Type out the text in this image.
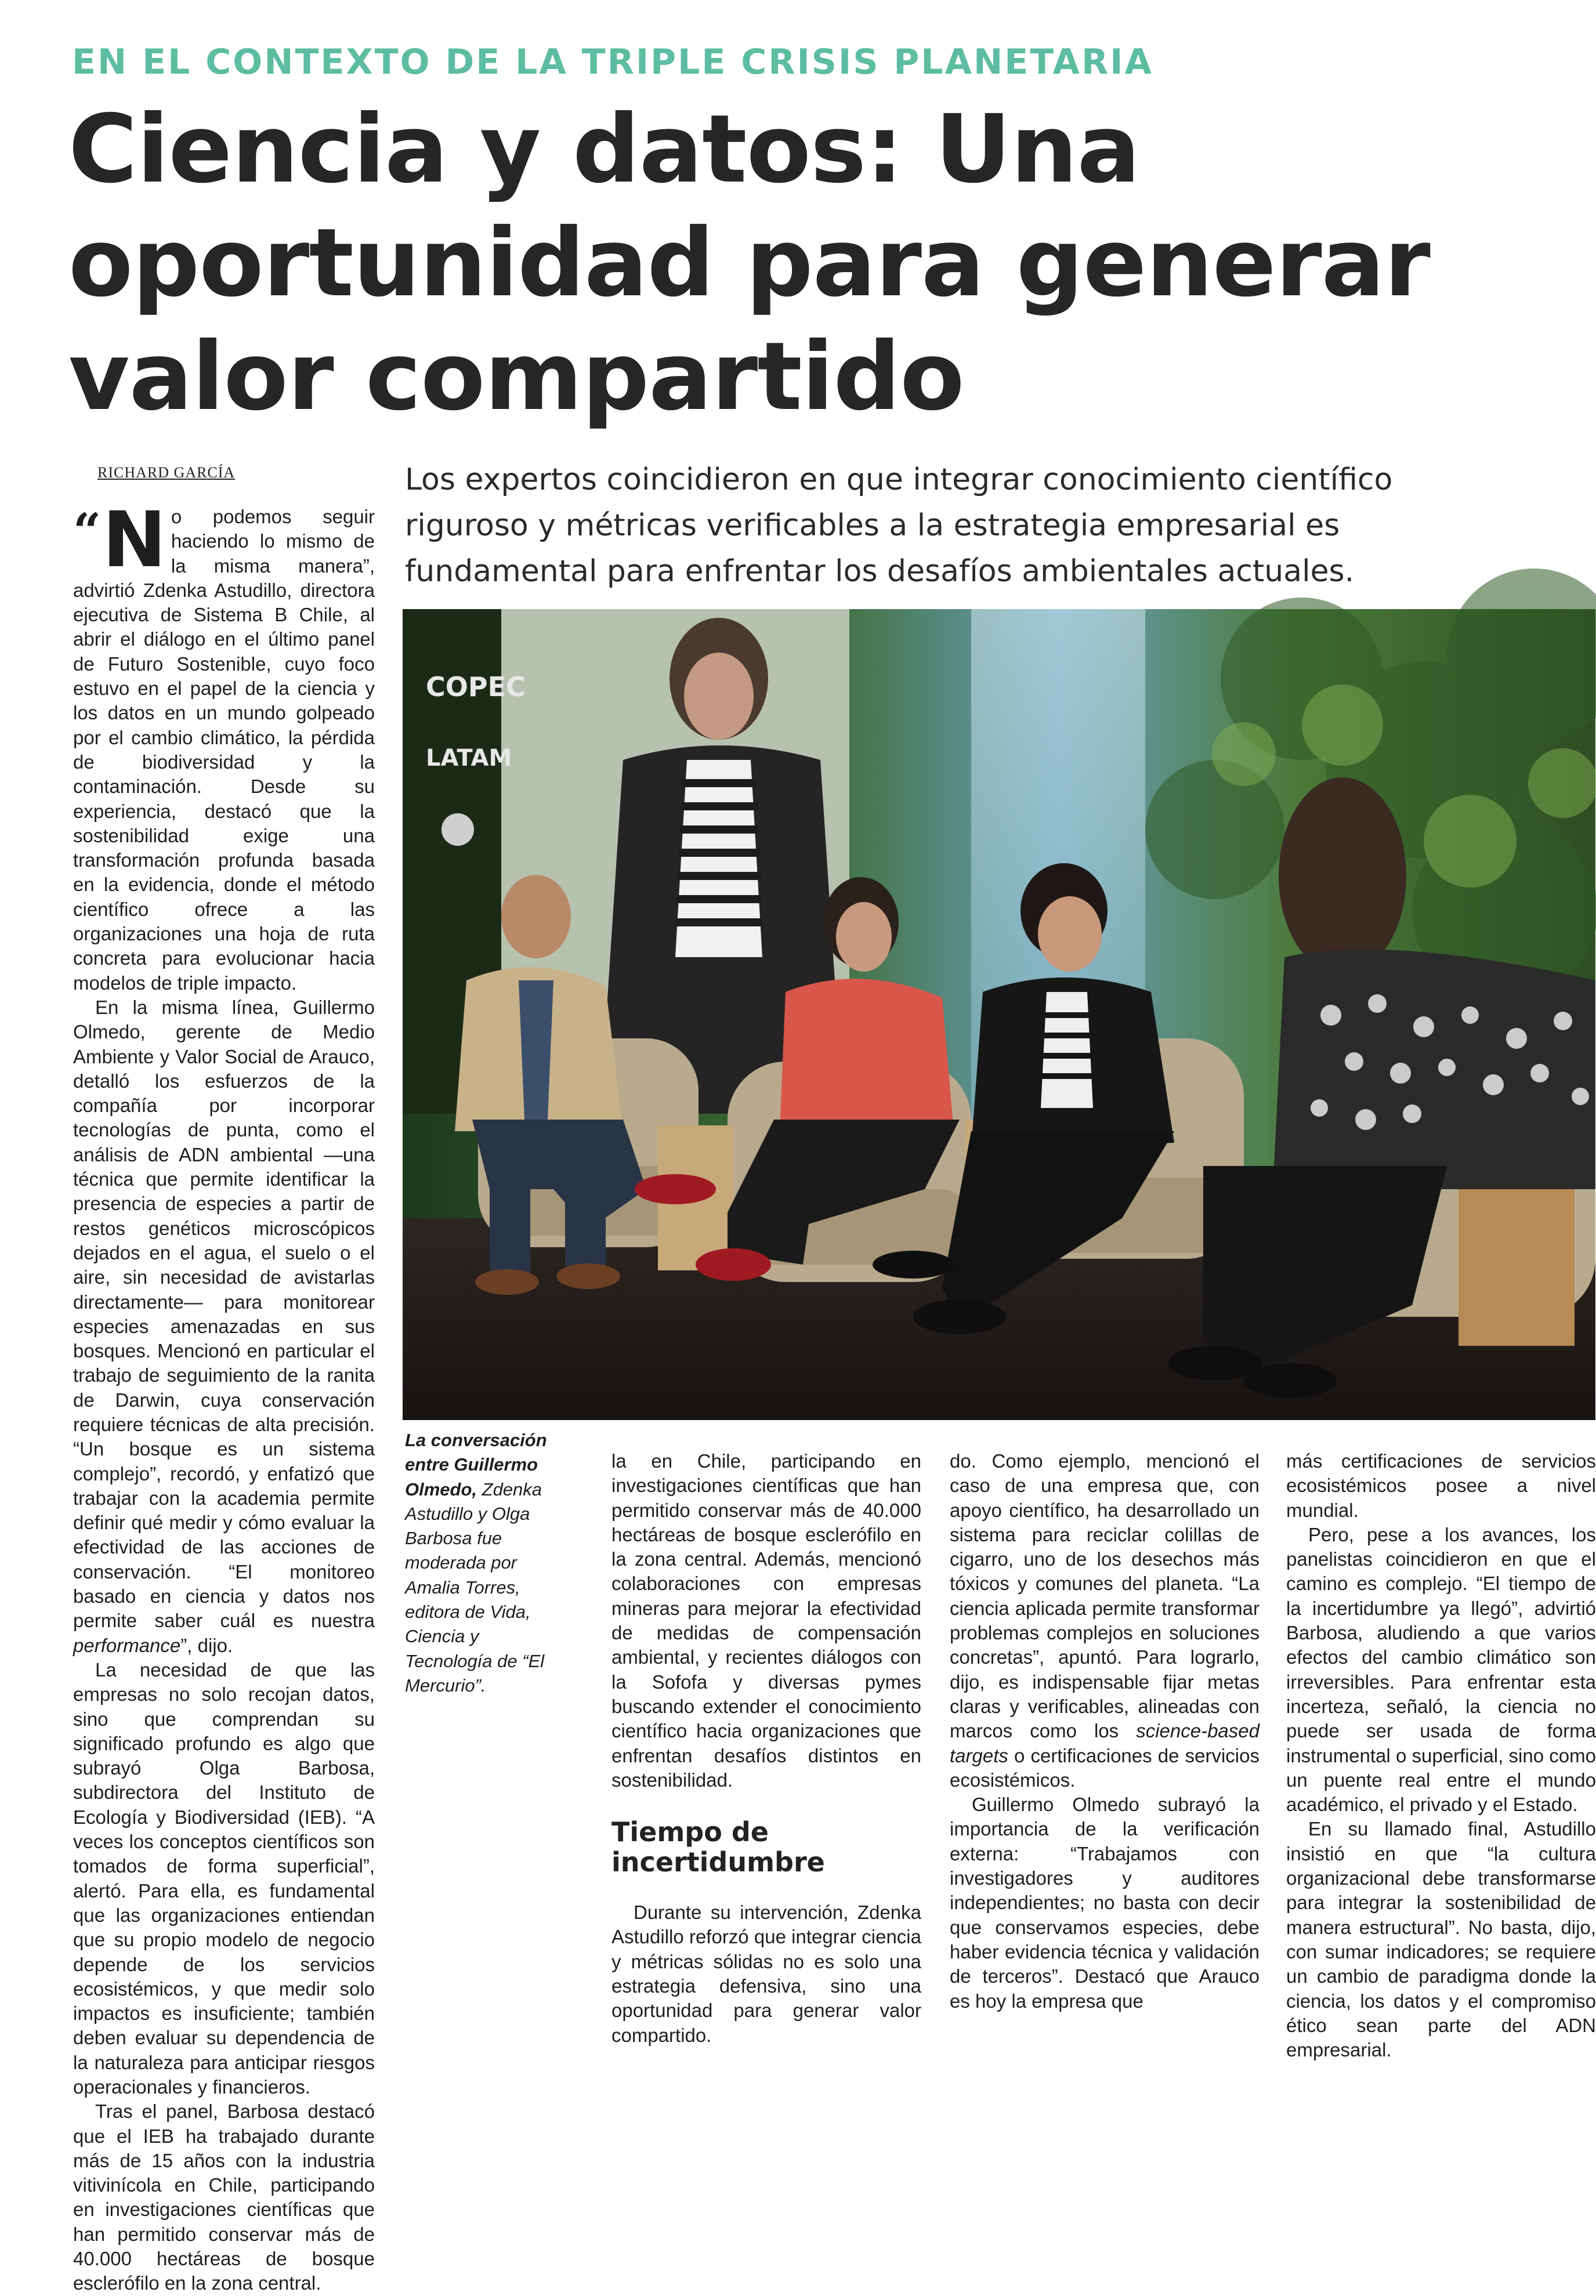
EN EL CONTEXTO DE LA TRIPLE CRISIS PLANETARIA
Ciencia y datos: Una
oportunidad para generar
valor compartido
RICHARD GARCÍA	Los expertos coincidieron en que integrar conocimiento científico
riguroso y métricas verificables a la estrategia empresarial es
fundamental para enfrentar los desafíos ambientales actuales.
COPEC
LATAM
La conversación entre Guillermo Olmedo, Zdenka Astudillo y Olga Barbosa fue moderada por Amalia Torres, editora de Vida, Ciencia y Tecnología de “El Mercurio”.

“ N o podemos seguir haciendo lo mismo de la misma manera”, advirtió Zdenka Astudillo, directora ejecutiva de Sistema B Chile, al abrir el diálogo en el último panel de Futuro Sostenible, cuyo foco estuvo en el papel de la ciencia y los datos en un mundo golpeado por el cambio climático, la pérdida de biodiversidad y la contaminación. Desde su experiencia, destacó que la sostenibilidad exige una transformación profunda basada en la evidencia, donde el método científico ofrece a las organizaciones una hoja de ruta concreta para evolucionar hacia modelos de triple impacto.

En la misma línea, Guillermo Olmedo, gerente de Medio Ambiente y Valor Social de Arauco, detalló los esfuerzos de la compañía por incorporar tecnologías de punta, como el análisis de ADN ambiental —una técnica que permite identificar la presencia de especies a partir de restos genéticos microscópicos dejados en el agua, el suelo o el aire, sin necesidad de avistarlas directamente— para monitorear especies amenazadas en sus bosques. Mencionó en particular el trabajo de seguimiento de la ranita de Darwin, cuya conservación requiere técnicas de alta precisión. “Un bosque es un sistema complejo”, recordó, y enfatizó que trabajar con la academia permite definir qué medir y cómo evaluar la efectividad de las acciones de conservación. “El monitoreo basado en ciencia y datos nos permite saber cuál es nuestra performance”, dijo.

La necesidad de que las empresas no solo recojan datos, sino que comprendan su significado profundo es algo que subrayó Olga Barbosa, subdirectora del Instituto de Ecología y Biodiversidad (IEB). “A veces los conceptos científicos son tomados de forma superficial”, alertó. Para ella, es fundamental que las organizaciones entiendan que su propio modelo de negocio depende de los servicios ecosistémicos, y que medir solo impactos es insuficiente; también deben evaluar su dependencia de la naturaleza para anticipar riesgos operacionales y financieros.

Tras el panel, Barbosa destacó que el IEB ha trabajado durante más de 15 años con la industria vitivinícola en Chile, participando en investigaciones científicas que han permitido conservar más de 40.000 hectáreas de bosque esclerófilo en la zona central.

la en Chile, participando en investigaciones científicas que han permitido conservar más de 40.000 hectáreas de bosque esclerófilo en la zona central. Además, mencionó colaboraciones con empresas mineras para mejorar la efectividad de medidas de compensación ambiental, y recientes diálogos con la Sofofa y diversas pymes buscando extender el conocimiento científico hacia organizaciones que enfrentan desafíos distintos en sostenibilidad.

Tiempo de incertidumbre

Durante su intervención, Zdenka Astudillo reforzó que integrar ciencia y métricas sólidas no es solo una estrategia defensiva, sino una oportunidad para generar valor compartido.

do. Como ejemplo, mencionó el caso de una empresa que, con apoyo científico, ha desarrollado un sistema para reciclar colillas de cigarro, uno de los desechos más tóxicos y comunes del planeta. “La ciencia aplicada permite transformar problemas complejos en soluciones concretas”, apuntó. Para lograrlo, dijo, es indispensable fijar metas claras y verificables, alineadas con marcos como los science-based targets o certificaciones de servicios ecosistémicos.

Guillermo Olmedo subrayó la importancia de la verificación externa: “Trabajamos con investigadores y auditores independientes; no basta con decir que conservamos especies, debe haber evidencia técnica y validación de terceros”. Destacó que Arauco es hoy la empresa que

más certificaciones de servicios ecosistémicos posee a nivel mundial.

Pero, pese a los avances, los panelistas coincidieron en que el camino es complejo. “El tiempo de la incertidumbre ya llegó”, advirtió Barbosa, aludiendo a que varios efectos del cambio climático son irreversibles. Para enfrentar esta incerteza, señaló, la ciencia no puede ser usada de forma instrumental o superficial, sino como un puente real entre el mundo académico, el privado y el Estado.

En su llamado final, Astudillo insistió en que “la cultura organizacional debe transformarse para integrar la sostenibilidad de manera estructural”. No basta, dijo, con sumar indicadores; se requiere un cambio de paradigma donde la ciencia, los datos y el compromiso ético sean parte del ADN empresarial.
